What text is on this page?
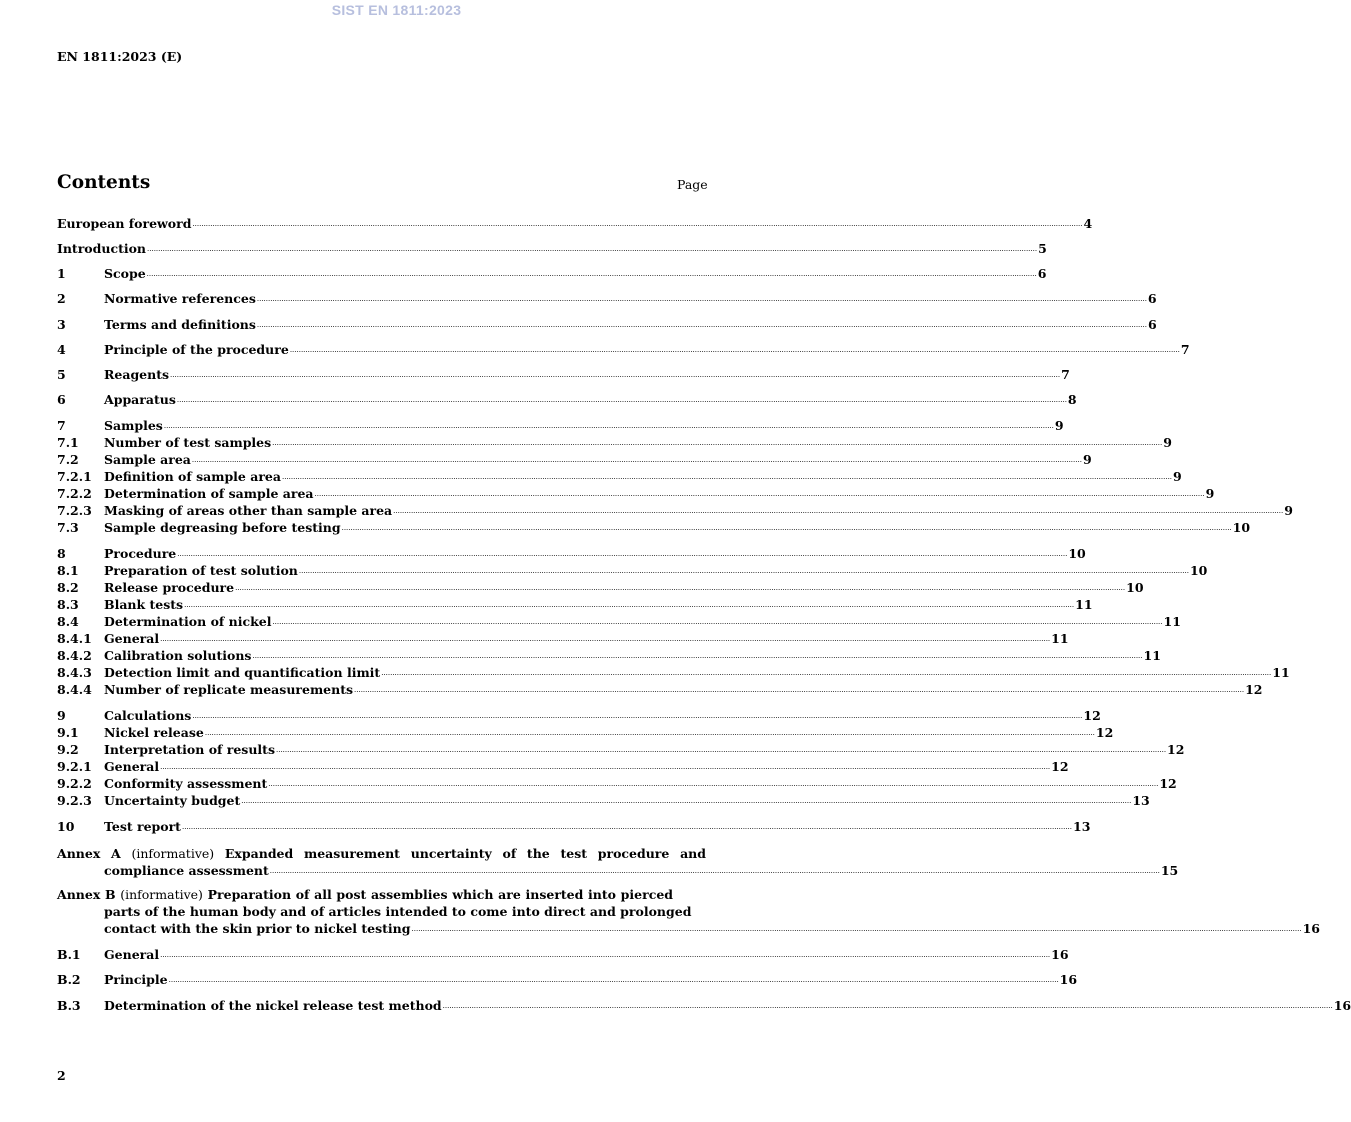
SIST EN 1811:2023
EN 1811:2023 (E)
Contents	Page
European foreword ................................................................................................................................................................................................................................................................................................................................................................................................................ 4
Introduction ................................................................................................................................................................................................................................................................................................................................................................................................................ 5
1	Scope ................................................................................................................................................................................................................................................................................................................................................................................................................ 6
2	Normative references ................................................................................................................................................................................................................................................................................................................................................................................................................ 6
3	Terms and definitions ................................................................................................................................................................................................................................................................................................................................................................................................................ 6
4	Principle of the procedure ................................................................................................................................................................................................................................................................................................................................................................................................................ 7
5	Reagents ................................................................................................................................................................................................................................................................................................................................................................................................................ 7
6	Apparatus ................................................................................................................................................................................................................................................................................................................................................................................................................ 8
7	Samples ................................................................................................................................................................................................................................................................................................................................................................................................................ 9
7.1	Number of test samples ................................................................................................................................................................................................................................................................................................................................................................................................................ 9
7.2	Sample area ................................................................................................................................................................................................................................................................................................................................................................................................................ 9
7.2.1 Definition of sample area ................................................................................................................................................................................................................................................................................................................................................................................................................ 9
7.2.2 Determination of sample area ................................................................................................................................................................................................................................................................................................................................................................................................................ 9
7.2.3 Masking of areas other than sample area ................................................................................................................................................................................................................................................................................................................................................................................................................ 9
7.3	Sample degreasing before testing ................................................................................................................................................................................................................................................................................................................................................................................................................ 10
8	Procedure ................................................................................................................................................................................................................................................................................................................................................................................................................ 10
8.1	Preparation of test solution ................................................................................................................................................................................................................................................................................................................................................................................................................ 10
8.2	Release procedure ................................................................................................................................................................................................................................................................................................................................................................................................................ 10
8.3	Blank tests ................................................................................................................................................................................................................................................................................................................................................................................................................ 11
8.4	Determination of nickel ................................................................................................................................................................................................................................................................................................................................................................................................................ 11
8.4.1 General ................................................................................................................................................................................................................................................................................................................................................................................................................ 11
8.4.2 Calibration solutions ................................................................................................................................................................................................................................................................................................................................................................................................................ 11
8.4.3 Detection limit and quantification limit ................................................................................................................................................................................................................................................................................................................................................................................................................ 11
8.4.4 Number of replicate measurements ................................................................................................................................................................................................................................................................................................................................................................................................................ 12
9	Calculations ................................................................................................................................................................................................................................................................................................................................................................................................................ 12
9.1	Nickel release ................................................................................................................................................................................................................................................................................................................................................................................................................ 12
9.2	Interpretation of results ................................................................................................................................................................................................................................................................................................................................................................................................................ 12
9.2.1 General ................................................................................................................................................................................................................................................................................................................................................................................................................ 12
9.2.2 Conformity assessment ................................................................................................................................................................................................................................................................................................................................................................................................................ 12
9.2.3 Uncertainty budget ................................................................................................................................................................................................................................................................................................................................................................................................................ 13
10	Test report ................................................................................................................................................................................................................................................................................................................................................................................................................ 13
Annex A (informative) Expanded measurement uncertainty of the test procedure and
compliance assessment ................................................................................................................................................................................................................................................................................................................................................................................................................ 15
Annex B (informative) Preparation of all post assemblies which are inserted into pierced
parts of the human body and of articles intended to come into direct and prolonged
contact with the skin prior to nickel testing ................................................................................................................................................................................................................................................................................................................................................................................................................ 16
B.1	General ................................................................................................................................................................................................................................................................................................................................................................................................................ 16
B.2	Principle ................................................................................................................................................................................................................................................................................................................................................................................................................ 16
B.3	Determination of the nickel release test method ................................................................................................................................................................................................................................................................................................................................................................................................................ 16
2
